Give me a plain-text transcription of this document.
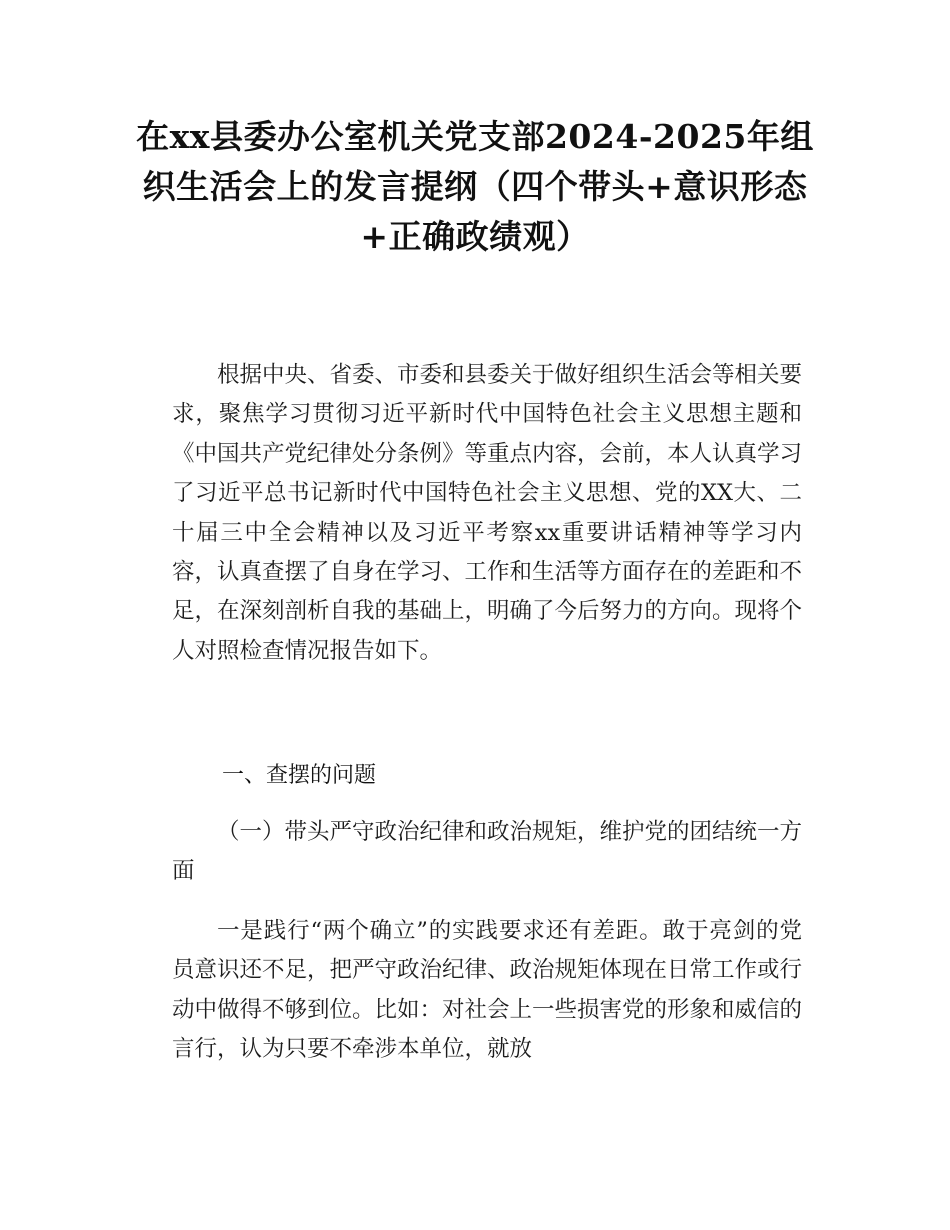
在xx县委办公室机关党支部2024-2025年组
织生活会上的发言提纲（四个带头+意识形态
+正确政绩观）

根据中央、省委、市委和县委关于做好组织生活会等相关要求，聚焦学习贯彻习近平新时代中国特色社会主义思想主题和《中国共产党纪律处分条例》等重点内容，会前，本人认真学习了习近平总书记新时代中国特色社会主义思想、党的XX大、二十届三中全会精神以及习近平考察xx重要讲话精神等学习内容，认真查摆了自身在学习、工作和生活等方面存在的差距和不足，在深刻剖析自我的基础上，明确了今后努力的方向。现将个人对照检查情况报告如下。

一、查摆的问题

（一）带头严守政治纪律和政治规矩，维护党的团结统一方面

一是践行“两个确立”的实践要求还有差距。敢于亮剑的党员意识还不足，把严守政治纪律、政治规矩体现在日常工作或行动中做得不够到位。比如：对社会上一些损害党的形象和威信的言行，认为只要不牵涉本单位，就放
